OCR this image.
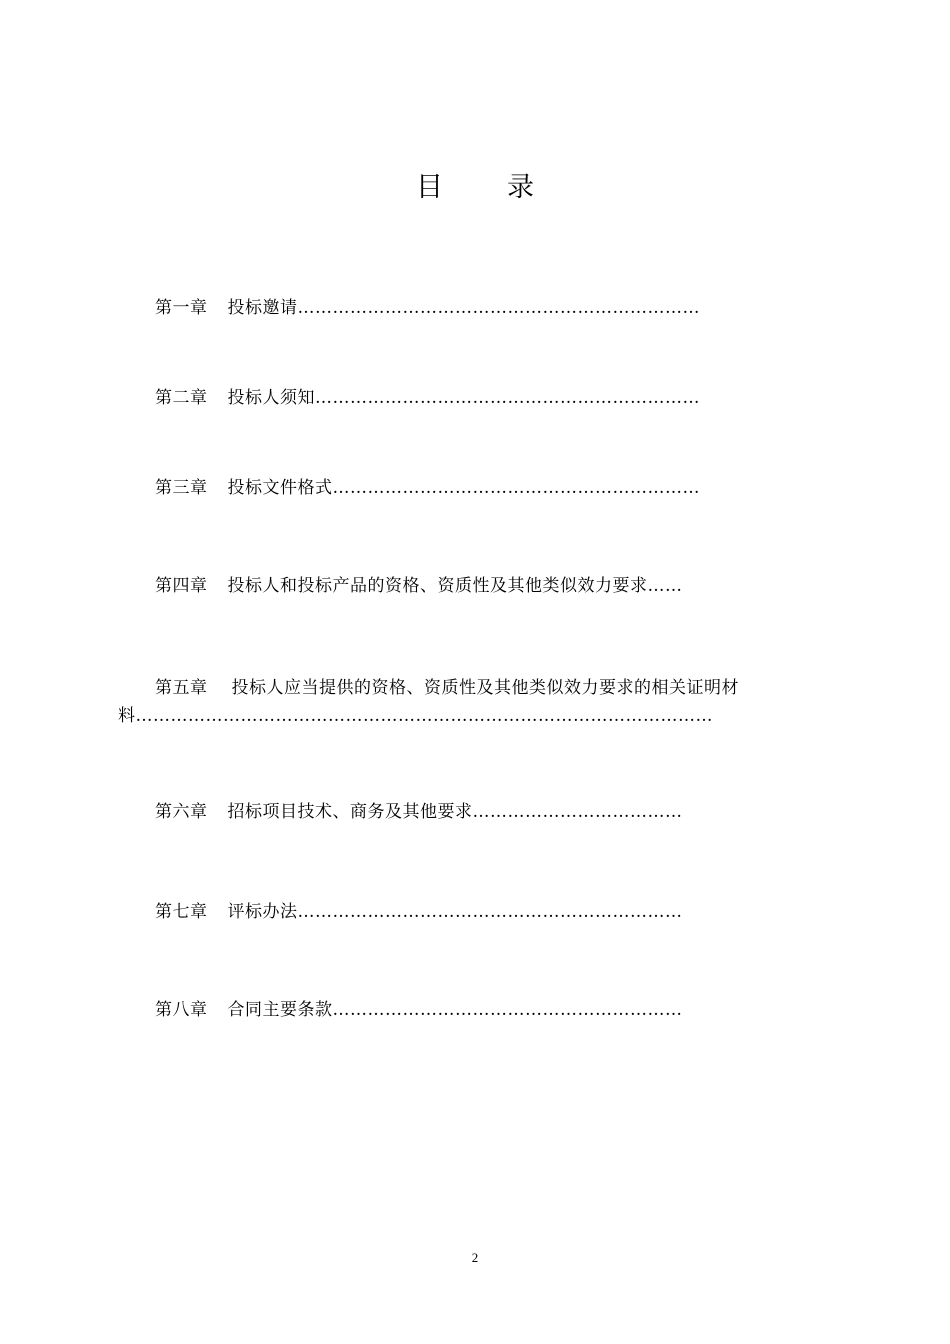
目 录
第一章 投标邀请……………………………………………………………
第二章 投标人须知…………………………………………………………
第三章 投标文件格式………………………………………………………
第四章 投标人和投标产品的资格、资质性及其他类似效力要求……
第五章 投标人应当提供的资格、资质性及其他类似效力要求的相关证明材
料………………………………………………………………………………………
第六章 招标项目技术、商务及其他要求………………………………
第七章 评标办法…………………………………………………………
第八章 合同主要条款……………………………………………………
2
